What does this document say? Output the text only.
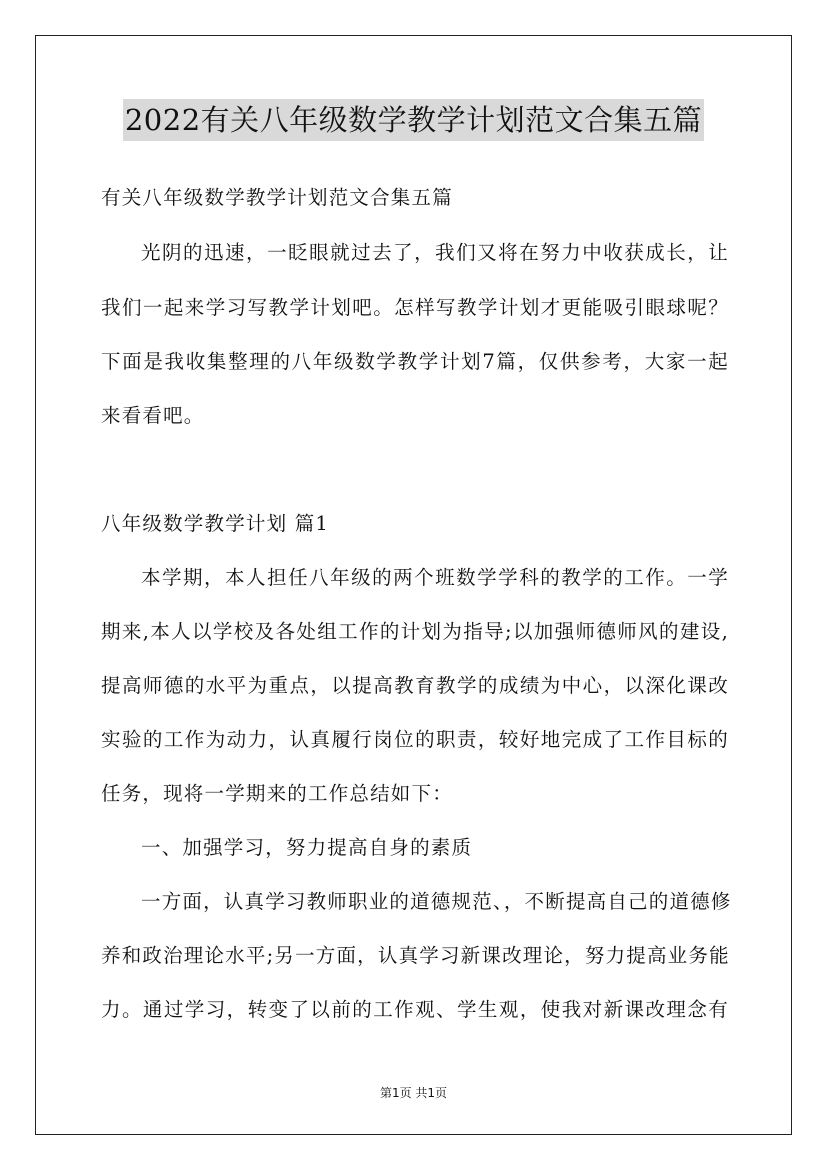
2022有关八年级数学教学计划范文合集五篇
有关八年级数学教学计划范文合集五篇
光阴的迅速，一眨眼就过去了，我们又将在努力中收获成长，让
我们一起来学习写教学计划吧。怎样写教学计划才更能吸引眼球呢？
下面是我收集整理的八年级数学教学计划7篇，仅供参考，大家一起
来看看吧。
八年级数学教学计划 篇1
本学期，本人担任八年级的两个班数学学科的教学的工作。一学
期来,本人以学校及各处组工作的计划为指导;以加强师德师风的建设,
提高师德的水平为重点，以提高教育教学的成绩为中心，以深化课改
实验的工作为动力，认真履行岗位的职责，较好地完成了工作目标的
任务，现将一学期来的工作总结如下：
一、加强学习，努力提高自身的素质
一方面，认真学习教师职业的道德规范、，不断提高自己的道德修
养和政治理论水平;另一方面，认真学习新课改理论，努力提高业务能
力。通过学习，转变了以前的工作观、学生观，使我对新课改理念有
第1页 共1页
